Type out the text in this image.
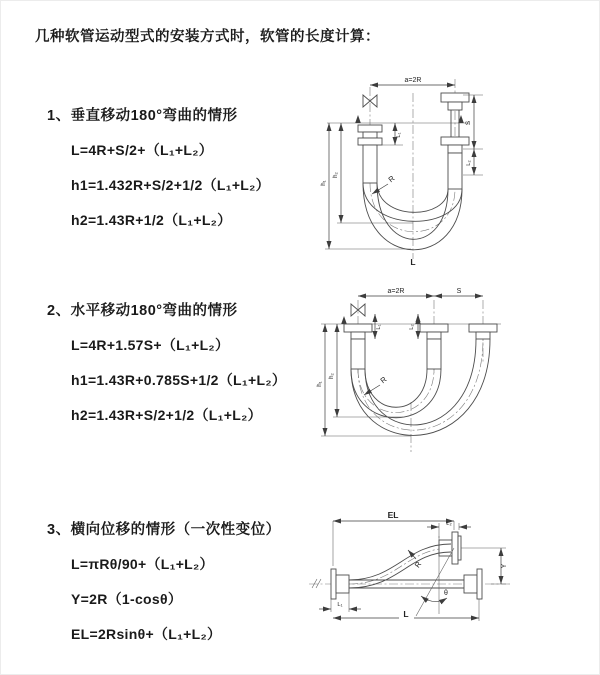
几种软管运动型式的安装方式时，软管的长度计算：
1、垂直移动180°弯曲的情形
L=4R+S/2+（L₁+L₂）
h1=1.432R+S/2+1/2（L₁+L₂）
h2=1.43R+1/2（L₁+L₂）
2、水平移动180°弯曲的情形
L=4R+1.57S+（L₁+L₂）
h1=1.43R+0.785S+1/2（L₁+L₂）
h2=1.43R+S/2+1/2（L₁+L₂）
3、横向位移的情形（一次性变位）
L=πRθ/90+（L₁+L₂）
Y=2R（1-cosθ）
EL=2Rsinθ+（L₁+L₂）
a=2R
L₁
S
L₂
h₁
h₂	R
L
a=2R	S
L₁	L₂
h₁
h₂	R
EL
L₂
θ
R	Y
L₁
L
